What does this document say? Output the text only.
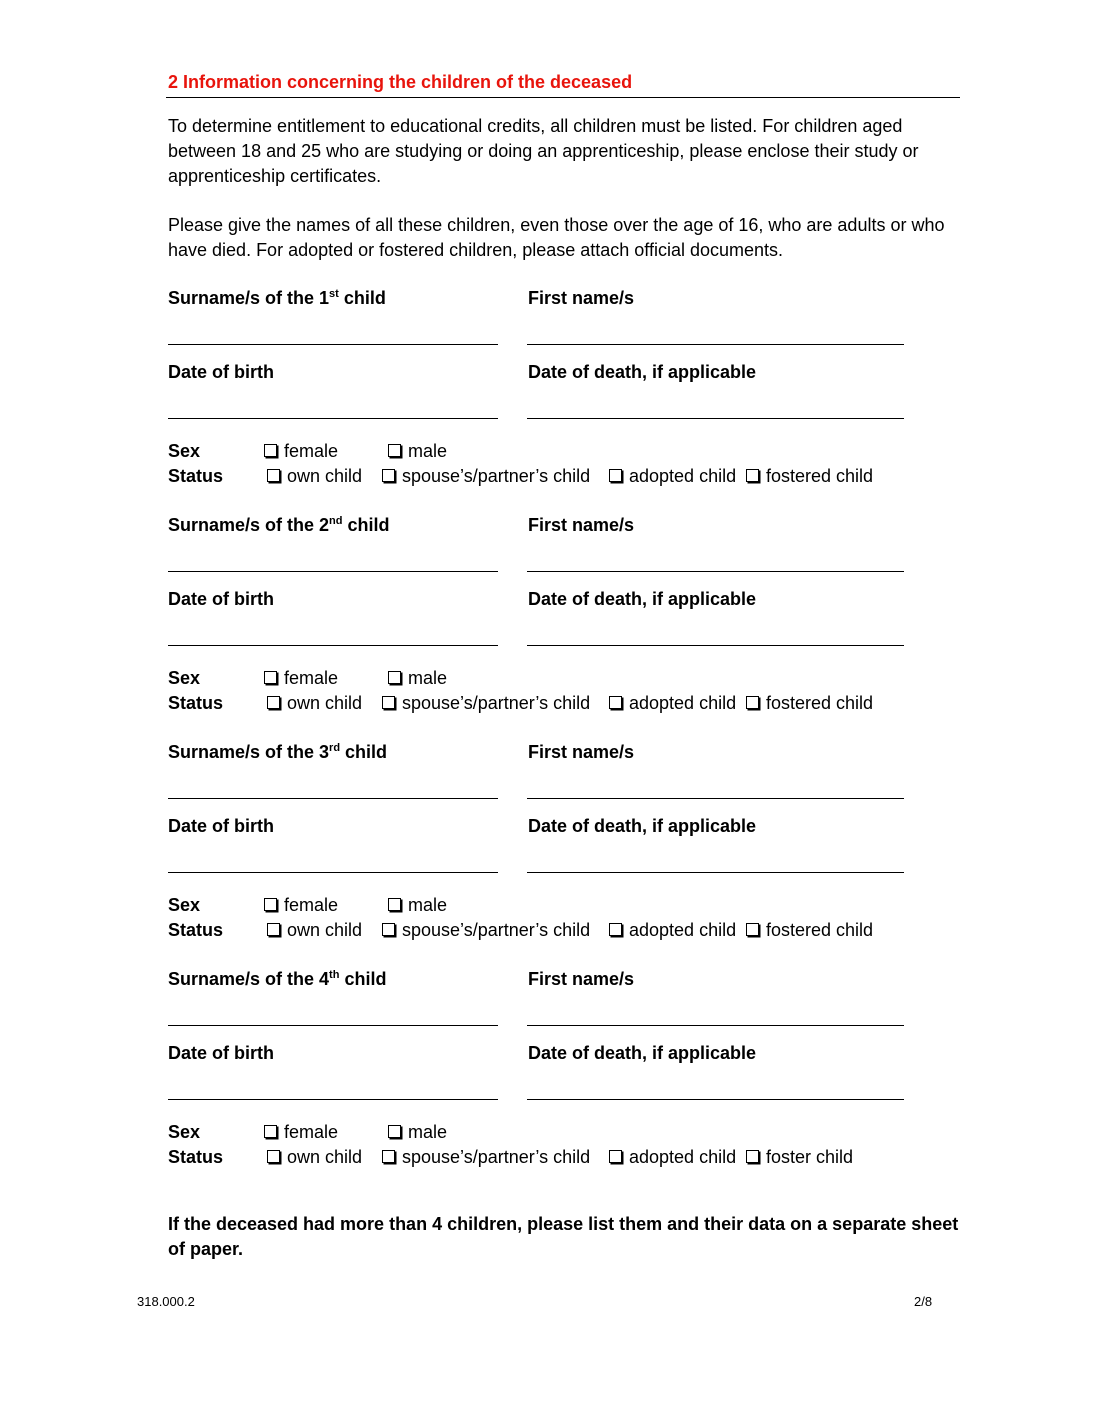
2 Information concerning the children of the deceased
To determine entitlement to educational credits, all children must be listed. For children aged between 18 and 25 who are studying or doing an apprenticeship, please enclose their study or apprenticeship certificates.
Please give the names of all these children, even those over the age of 16, who are adults or who have died. For adopted or fostered children, please attach official documents.
Surname/s of the 1st child	First name/s
Date of birth	Date of death, if applicable
Sex	female	male
Status	own child	spouse’s/partner’s child	adopted child	fostered child
Surname/s of the 2nd child	First name/s
Date of birth	Date of death, if applicable
Sex	female	male
Status	own child	spouse’s/partner’s child	adopted child	fostered child
Surname/s of the 3rd child	First name/s
Date of birth	Date of death, if applicable
Sex	female	male
Status	own child	spouse’s/partner’s child	adopted child	fostered child
Surname/s of the 4th child	First name/s
Date of birth	Date of death, if applicable
Sex	female	male
Status	own child	spouse’s/partner’s child	adopted child	foster child
If the deceased had more than 4 children, please list them and their data on a separate sheet of paper.
318.000.2	2/8
